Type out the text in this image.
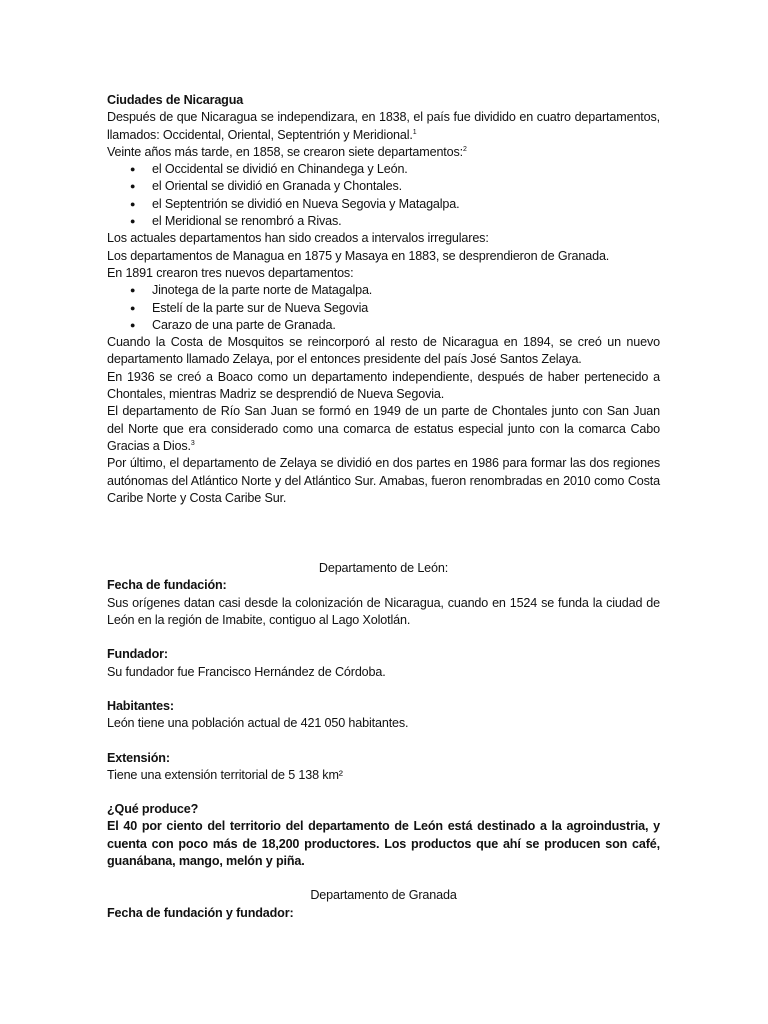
Ciudades de Nicaragua

Después de que Nicaragua se independizara, en 1838, el país fue dividido en cuatro departamentos, llamados: Occidental, Oriental, Septentrión y Meridional.$^1$

Veinte años más tarde, en 1858, se crearon siete departamentos:$^2$

● el Occidental se dividió en Chinandega y León.
● el Oriental se dividió en Granada y Chontales.
● el Septentrión se dividió en Nueva Segovia y Matagalpa.
● el Meridional se renombró a Rivas.

Los actuales departamentos han sido creados a intervalos irregulares:

Los departamentos de Managua en 1875 y Masaya en 1883, se desprendieron de Granada.

En 1891 crearon tres nuevos departamentos:

● Jinotega de la parte norte de Matagalpa.
● Estelí de la parte sur de Nueva Segovia
● Carazo de una parte de Granada.

Cuando la Costa de Mosquitos se reincorporó al resto de Nicaragua en 1894, se creó un nuevo departamento llamado Zelaya, por el entonces presidente del país José Santos Zelaya.

En 1936 se creó a Boaco como un departamento independiente, después de haber pertenecido a Chontales, mientras Madriz se desprendió de Nueva Segovia.

El departamento de Río San Juan se formó en 1949 de un parte de Chontales junto con San Juan del Norte que era considerado como una comarca de estatus especial junto con la comarca Cabo Gracias a Dios.$^3$

Por último, el departamento de Zelaya se dividió en dos partes en 1986 para formar las dos regiones autónomas del Atlántico Norte y del Atlántico Sur. Amabas, fueron renombradas en 2010 como Costa Caribe Norte y Costa Caribe Sur.

Departamento de León:

Fecha de fundación:

Sus orígenes datan casi desde la colonización de Nicaragua, cuando en 1524 se funda la ciudad de León en la región de Imabite, contiguo al Lago Xolotlán.

Fundador:

Su fundador fue Francisco Hernández de Córdoba.

Habitantes:

León tiene una población actual de 421 050 habitantes.

Extensión:

Tiene una extensión territorial de 5 138 km²

¿Qué produce?

El 40 por ciento del territorio del departamento de León está destinado a la agroindustria, y cuenta con poco más de 18,200 productores. Los productos que ahí se producen son café, guanábana, mango, melón y piña.

Departamento de Granada

Fecha de fundación y fundador:
